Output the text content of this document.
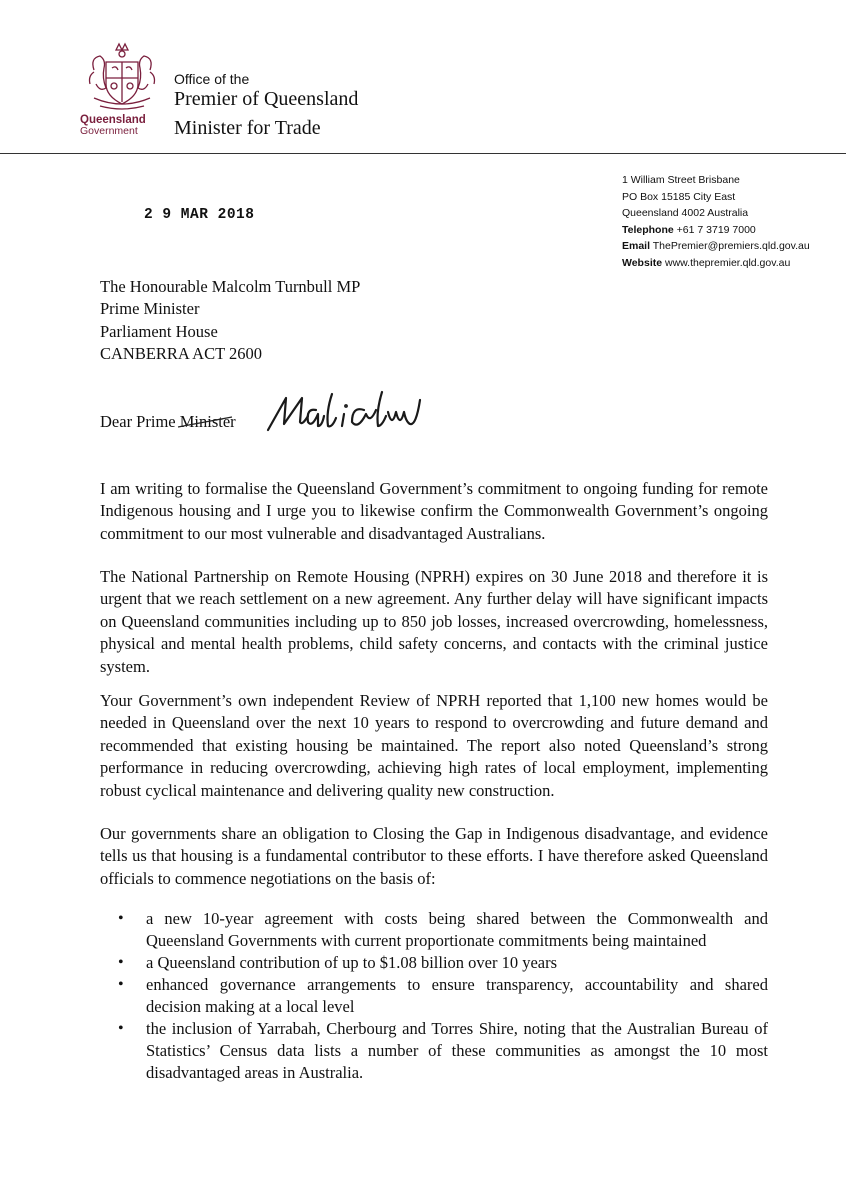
Queensland
Government
Office of the
Premier of Queensland
Minister for Trade
1 William Street Brisbane
PO Box 15185 City East
Queensland 4002 Australia
Telephone +61 7 3719 7000
Email ThePremier@premiers.qld.gov.au
Website www.thepremier.qld.gov.au
2 9 MAR 2018
The Honourable Malcolm Turnbull MP
Prime Minister
Parliament House
CANBERRA ACT 2600
Dear Prime Minister
I am writing to formalise the Queensland Government’s commitment to ongoing funding for remote Indigenous housing and I urge you to likewise confirm the Commonwealth Government’s ongoing commitment to our most vulnerable and disadvantaged Australians.
The National Partnership on Remote Housing (NPRH) expires on 30 June 2018 and therefore it is urgent that we reach settlement on a new agreement. Any further delay will have significant impacts on Queensland communities including up to 850 job losses, increased overcrowding, homelessness, physical and mental health problems, child safety concerns, and contacts with the criminal justice system.
Your Government’s own independent Review of NPRH reported that 1,100 new homes would be needed in Queensland over the next 10 years to respond to overcrowding and future demand and recommended that existing housing be maintained. The report also noted Queensland’s strong performance in reducing overcrowding, achieving high rates of local employment, implementing robust cyclical maintenance and delivering quality new construction.
Our governments share an obligation to Closing the Gap in Indigenous disadvantage, and evidence tells us that housing is a fundamental contributor to these efforts. I have therefore asked Queensland officials to commence negotiations on the basis of:
• a new 10-year agreement with costs being shared between the Commonwealth and Queensland Governments with current proportionate commitments being maintained
• a Queensland contribution of up to $1.08 billion over 10 years
• enhanced governance arrangements to ensure transparency, accountability and shared decision making at a local level
• the inclusion of Yarrabah, Cherbourg and Torres Shire, noting that the Australian Bureau of Statistics’ Census data lists a number of these communities as amongst the 10 most disadvantaged areas in Australia.
